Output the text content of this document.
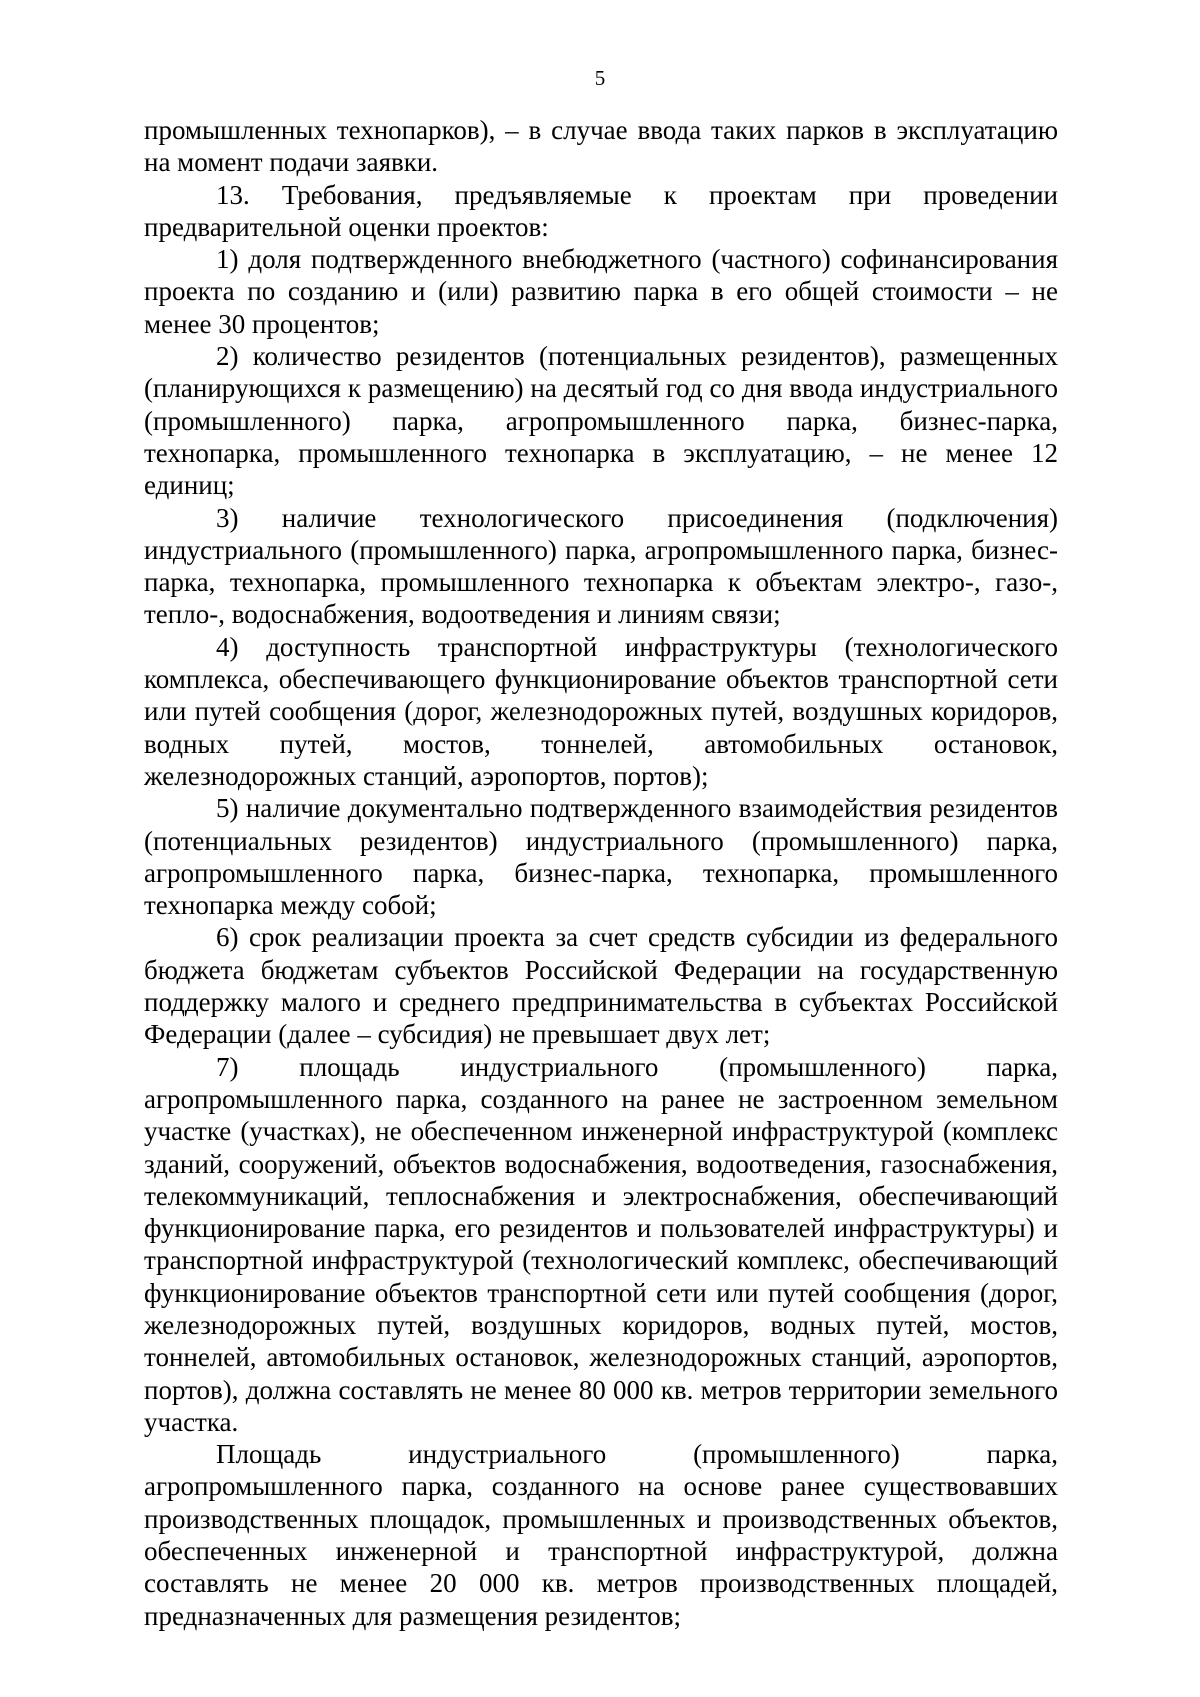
5

промышленных технопарков), – в случае ввода таких парков в эксплуатацию на момент подачи заявки.

13. Требования, предъявляемые к проектам при проведении предварительной оценки проектов:

1) доля подтвержденного внебюджетного (частного) софинансирования проекта по созданию и (или) развитию парка в его общей стоимости – не менее 30 процентов;

2) количество резидентов (потенциальных резидентов), размещенных (планирующихся к размещению) на десятый год со дня ввода индустриального (промышленного) парка, агропромышленного парка, бизнес-парка, технопарка, промышленного технопарка в эксплуатацию, – не менее 12 единиц;

3) наличие технологического присоединения (подключения) индустриального (промышленного) парка, агропромышленного парка, бизнес-парка, технопарка, промышленного технопарка к объектам электро-, газо-, тепло-, водоснабжения, водоотведения и линиям связи;

4) доступность транспортной инфраструктуры (технологического комплекса, обеспечивающего функционирование объектов транспортной сети или путей сообщения (дорог, железнодорожных путей, воздушных коридоров, водных путей, мостов, тоннелей, автомобильных остановок, железнодорожных станций, аэропортов, портов);

5) наличие документально подтвержденного взаимодействия резидентов (потенциальных резидентов) индустриального (промышленного) парка, агропромышленного парка, бизнес-парка, технопарка, промышленного технопарка между собой;

6) срок реализации проекта за счет средств субсидии из федерального бюджета бюджетам субъектов Российской Федерации на государственную поддержку малого и среднего предпринимательства в субъектах Российской Федерации (далее – субсидия) не превышает двух лет;

7) площадь индустриального (промышленного) парка, агропромышленного парка, созданного на ранее не застроенном земельном участке (участках), не обеспеченном инженерной инфраструктурой (комплекс зданий, сооружений, объектов водоснабжения, водоотведения, газоснабжения, телекоммуникаций, теплоснабжения и электроснабжения, обеспечивающий функционирование парка, его резидентов и пользователей инфраструктуры) и транспортной инфраструктурой (технологический комплекс, обеспечивающий функционирование объектов транспортной сети или путей сообщения (дорог, железнодорожных путей, воздушных коридоров, водных путей, мостов, тоннелей, автомобильных остановок, железнодорожных станций, аэропортов, портов), должна составлять не менее 80 000 кв. метров территории земельного участка.

Площадь индустриального (промышленного) парка, агропромышленного парка, созданного на основе ранее существовавших производственных площадок, промышленных и производственных объектов, обеспеченных инженерной и транспортной инфраструктурой, должна составлять не менее 20 000 кв. метров производственных площадей, предназначенных для размещения резидентов;
